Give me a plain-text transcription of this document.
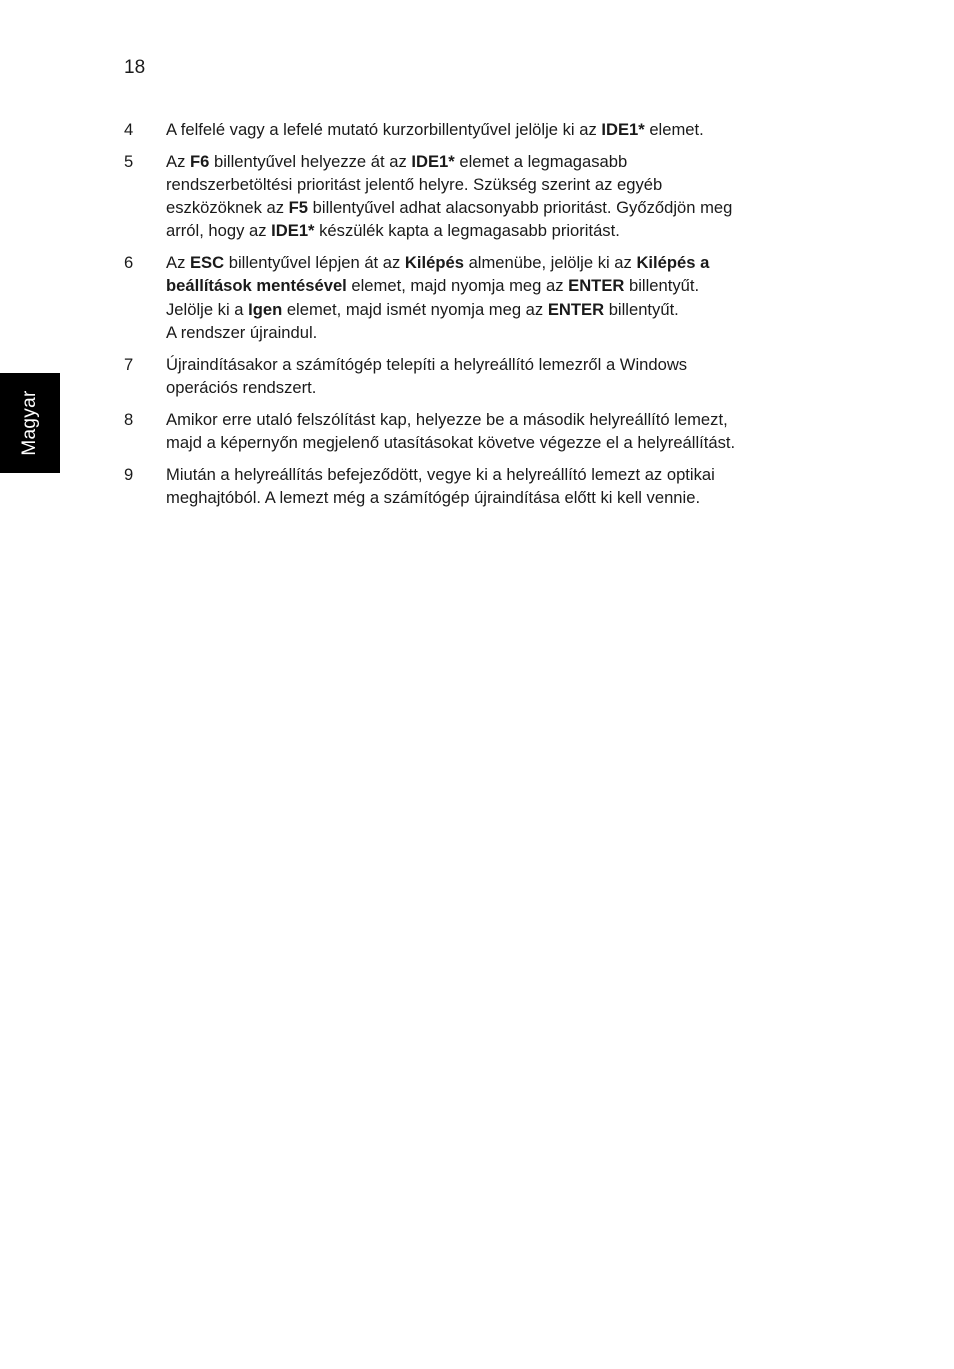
18
Magyar
4	A felfelé vagy a lefelé mutató kurzorbillentyűvel jelölje ki az IDE1* elemet.
5	Az F6 billentyűvel helyezze át az IDE1* elemet a legmagasabb
rendszerbetöltési prioritást jelentő helyre. Szükség szerint az egyéb
eszközöknek az F5 billentyűvel adhat alacsonyabb prioritást. Győződjön meg
arról, hogy az IDE1* készülék kapta a legmagasabb prioritást.
6	Az ESC billentyűvel lépjen át az Kilépés almenübe, jelölje ki az Kilépés a
beállítások mentésével elemet, majd nyomja meg az ENTER billentyűt.
Jelölje ki a Igen elemet, majd ismét nyomja meg az ENTER billentyűt.
A rendszer újraindul.
7	Újraindításakor a számítógép telepíti a helyreállító lemezről a Windows
operációs rendszert.
8	Amikor erre utaló felszólítást kap, helyezze be a második helyreállító lemezt,
majd a képernyőn megjelenő utasításokat követve végezze el a helyreállítást.
9	Miután a helyreállítás befejeződött, vegye ki a helyreállító lemezt az optikai
meghajtóból. A lemezt még a számítógép újraindítása előtt ki kell vennie.
